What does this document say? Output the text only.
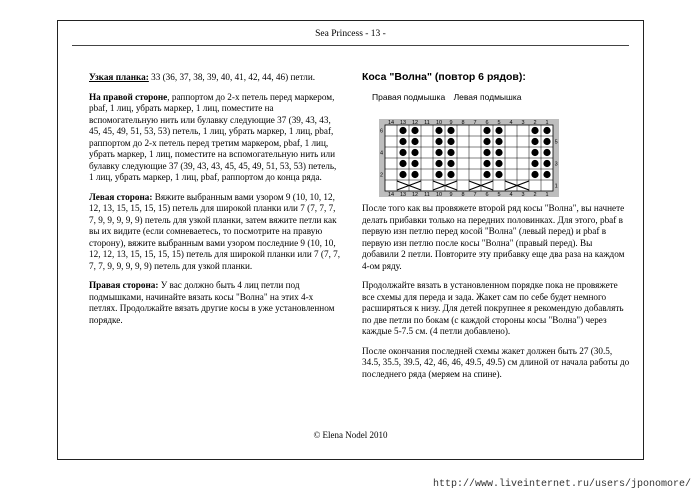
Sea Princess - 13 -

Узкая планка: 33 (36, 37, 38, 39, 40, 41, 42, 44, 46) петли.

На правой стороне, раппортом до 2-х петель перед маркером, pbaf, 1 лиц, убрать маркер, 1 лиц, поместите на вспомогательную нить или булавку следующие 37 (39, 43, 43, 45, 45, 49, 51, 53, 53) петель, 1 лиц, убрать маркер, 1 лиц, pbaf, раппортом до 2-х петель перед третим маркером, pbaf, 1 лиц, убрать маркер, 1 лиц, поместите на вспомогательную нить или булавку следующие 37 (39, 43, 43, 45, 45, 49, 51, 53, 53) петель, 1 лиц, убрать маркер, 1 лиц, pbaf, раппортом до конца ряда.

Левая сторона: Вяжите выбранным вами узором 9 (10, 10, 12, 12, 13, 15, 15, 15, 15) петель для широкой планки или 7 (7, 7, 7, 7, 9, 9, 9, 9, 9) петель для узкой планки, затем вяжите петли как вы их видите (если сомневаетесь, то посмотрите на правую сторону), вяжите выбранным вами узором последние 9 (10, 10, 12, 12, 13, 15, 15, 15, 15) петель для широкой планки или 7 (7, 7, 7, 7, 9, 9, 9, 9, 9) петель для узкой планки.

Правая сторона: У вас должно быть 4 лиц петли под подмышками, начинайте вязать косы "Волна" на этих 4-х петлях. Продолжайте вязать другие косы в уже установленном порядке.

Коса "Волна" (повтор 6 рядов):
Правая подмышка Левая подмышка

После того как вы провяжете второй ряд косы "Волна", вы начнете делать прибавки только на передних половинках. Для этого, pbaf в первую изн петлю перед косой "Волна" (левый перед) и pbaf в первую изн петлю после косы "Волна" (правый перед). Вы добавили 2 петли. Повторите эту прибавку еще два раза на каждом 4-ом ряду.

Продолжайте вязать в установленном порядке пока не провяжете все схемы для переда и зада. Жакет сам по себе будет немного расширяться к низу. Для детей покрупнее я рекомендую добавлять по две петли по бокам (с каждой стороны косы "Волна") через каждые 5-7.5 см. (4 петли добавлено).

После окончания последней схемы жакет должен быть 27 (30.5, 34.5, 35.5, 39.5, 42, 46, 46, 49.5, 49.5) см длиной от начала работы до последнего ряда (меряем на спине).

© Elena Nodel 2010
14
14
13
13
12
12
11
11
10
10
9
9
8
8
7
7
6
6
5
5
4
4
3
3
2
2
1
1
6
5
4
3
2
1
http://www.liveinternet.ru/users/jponomore/
